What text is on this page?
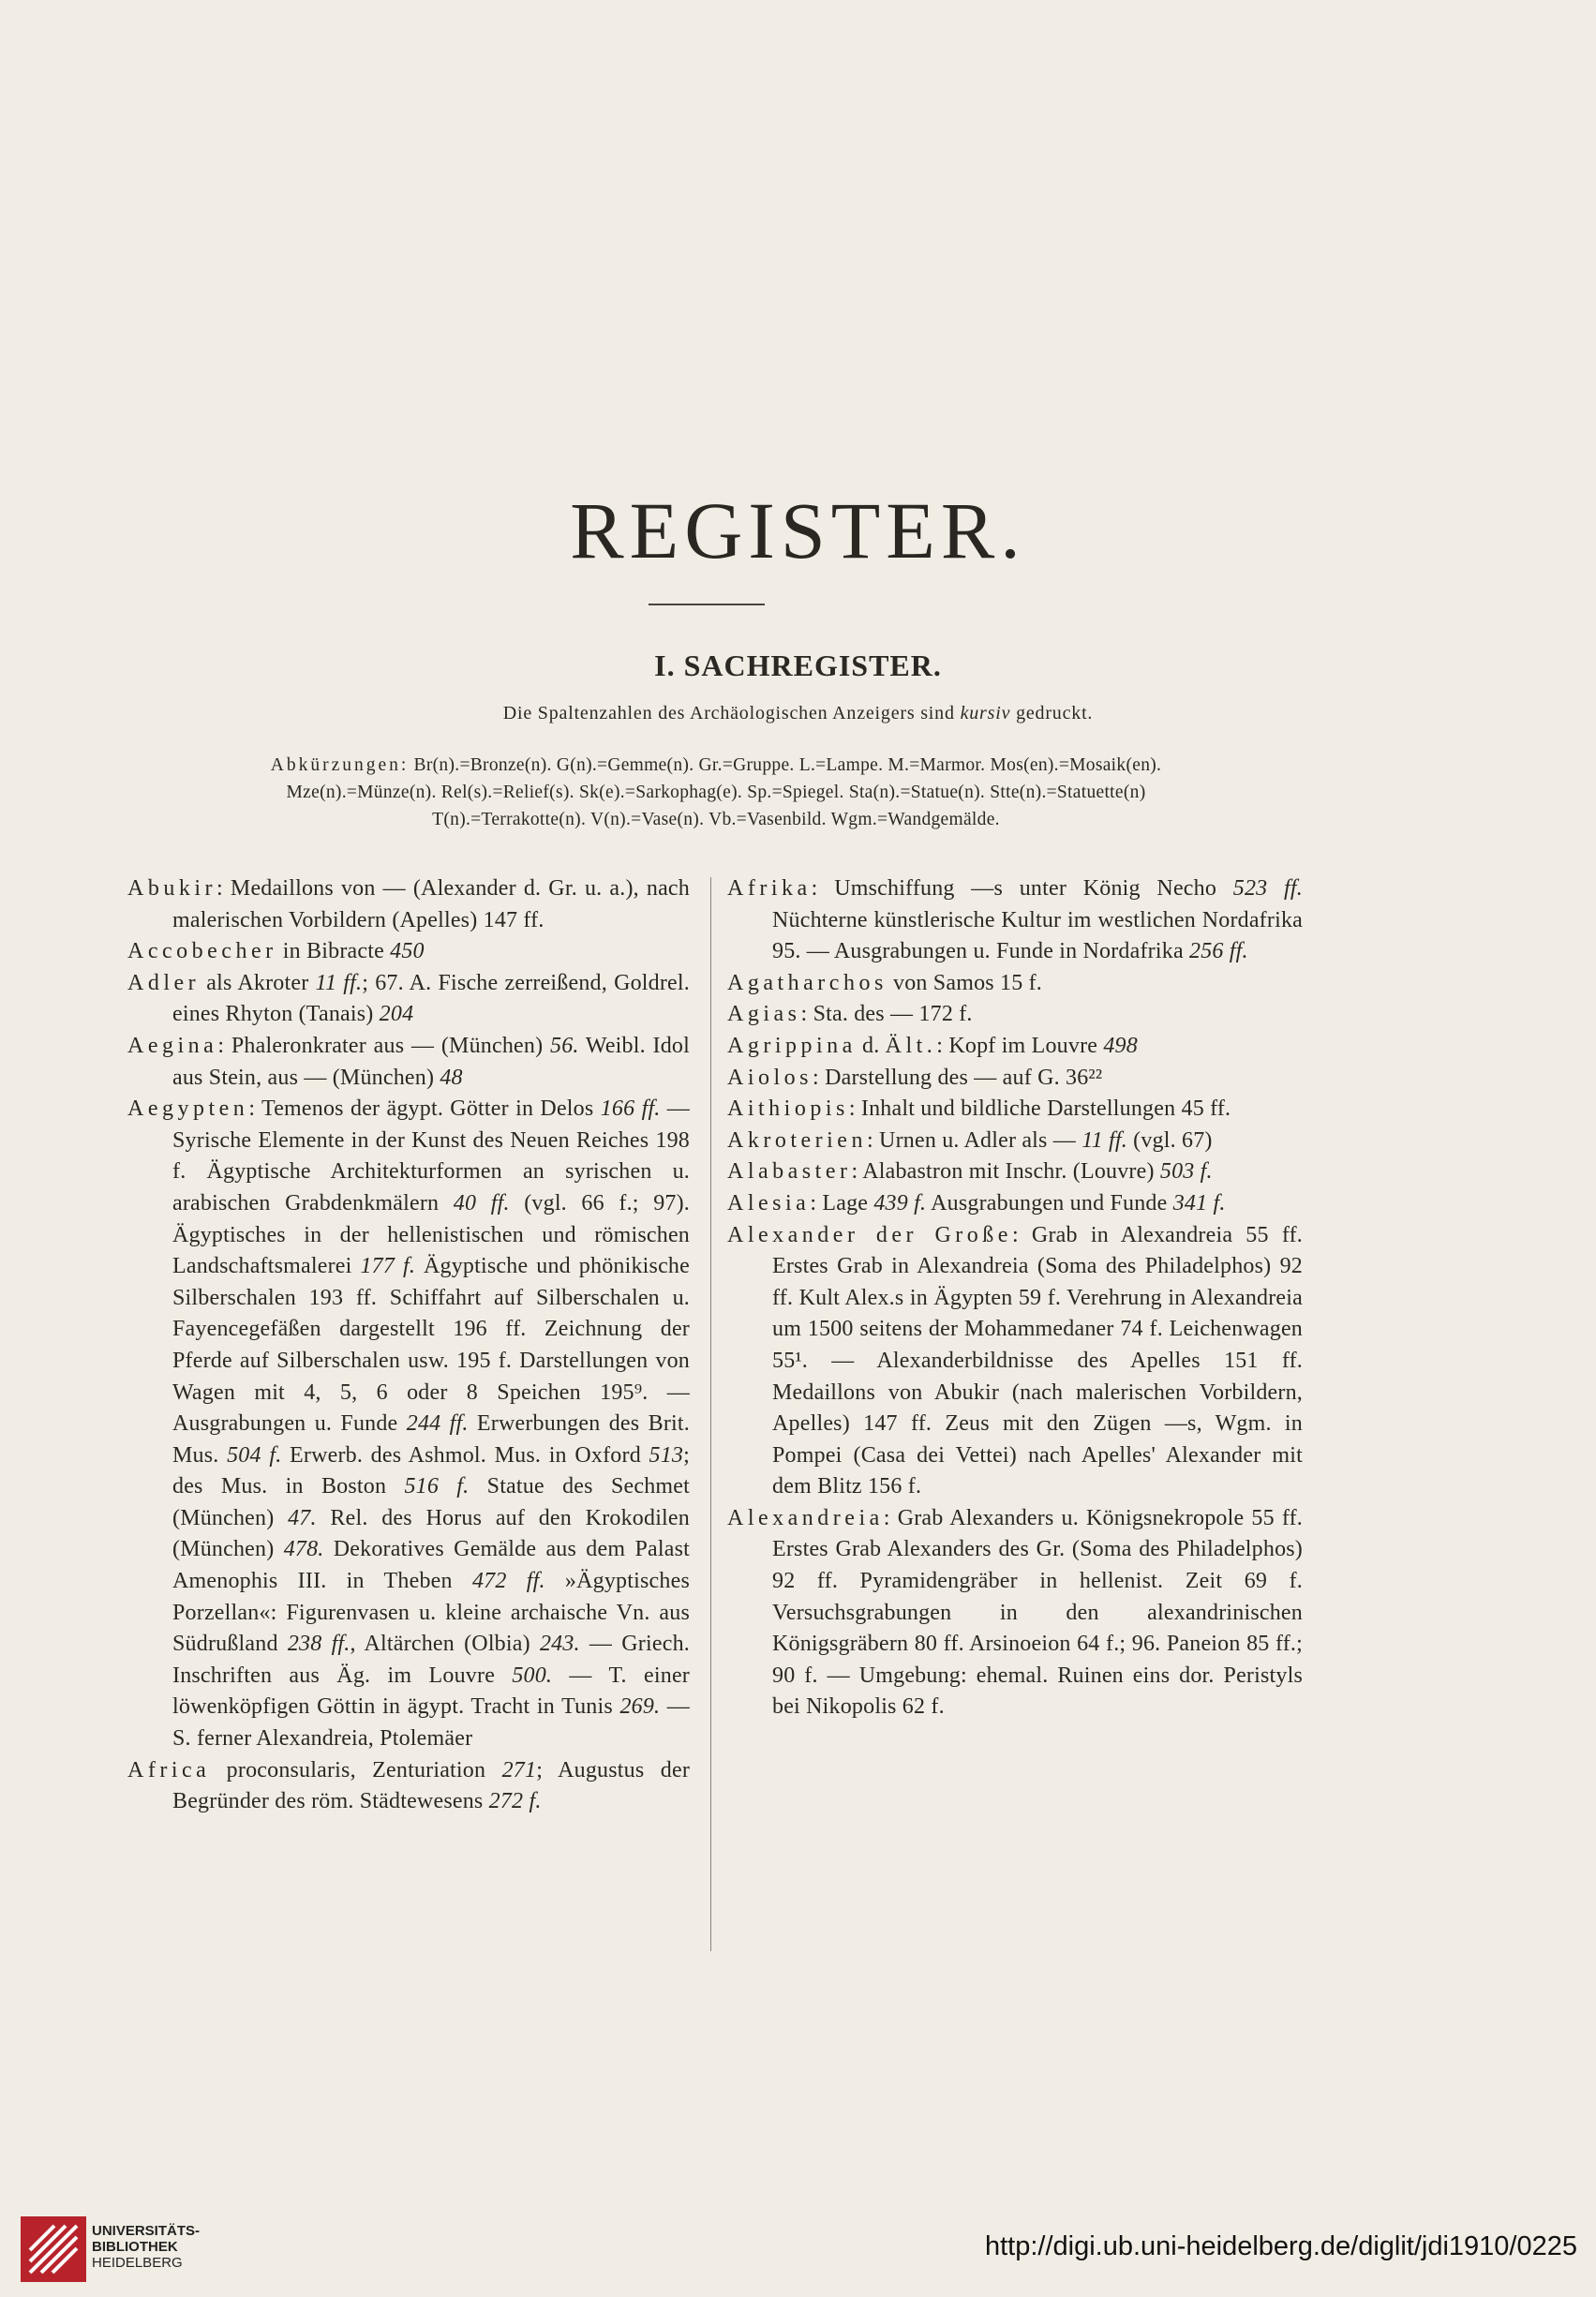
REGISTER.
I. SACHREGISTER.
Die Spaltenzahlen des Archäologischen Anzeigers sind kursiv gedruckt.
Abkürzungen: Br(n).=Bronze(n). G(n).=Gemme(n). Gr.=Gruppe. L.=Lampe. M.=Marmor. Mos(en).=Mosaik(en).
Mze(n).=Münze(n). Rel(s).=Relief(s). Sk(e).=Sarkophag(e). Sp.=Spiegel. Sta(n).=Statue(n). Stte(n).=Statuette(n)
T(n).=Terrakotte(n). V(n).=Vase(n). Vb.=Vasenbild. Wgm.=Wandgemälde.

Abukir: Medaillons von — (Alexander d. Gr. u. a.), nach malerischen Vorbildern (Apelles) 147 ff.

Accobecher in Bibracte 450

Adler als Akroter 11 ff.; 67. A. Fische zerreißend, Goldrel. eines Rhyton (Tanais) 204

Aegina: Phaleronkrater aus — (München) 56. Weibl. Idol aus Stein, aus — (München) 48

Aegypten: Temenos der ägypt. Götter in Delos 166 ff. — Syrische Elemente in der Kunst des Neuen Reiches 198 f. Ägyptische Architekturformen an syrischen u. arabischen Grabdenkmälern 40 ff. (vgl. 66 f.; 97). Ägyptisches in der hellenistischen und römischen Landschaftsmalerei 177 f. Ägyptische und phönikische Silberschalen 193 ff. Schiffahrt auf Silberschalen u. Fayencegefäßen dargestellt 196 ff. Zeichnung der Pferde auf Silberschalen usw. 195 f. Darstellungen von Wagen mit 4, 5, 6 oder 8 Speichen 195⁹. — Ausgrabungen u. Funde 244 ff. Erwerbungen des Brit. Mus. 504 f. Erwerb. des Ashmol. Mus. in Oxford 513; des Mus. in Boston 516 f. Statue des Sechmet (München) 47. Rel. des Horus auf den Krokodilen (München) 478. Dekoratives Gemälde aus dem Palast Amenophis III. in Theben 472 ff. »Ägyptisches Porzellan«: Figurenvasen u. kleine archaische Vn. aus Südrußland 238 ff., Altärchen (Olbia) 243. — Griech. Inschriften aus Äg. im Louvre 500. — T. einer löwenköpfigen Göttin in ägypt. Tracht in Tunis 269. — S. ferner Alexandreia, Ptolemäer

Africa proconsularis, Zenturiation 271; Augustus der Begründer des röm. Städtewesens 272 f.

Afrika: Umschiffung —s unter König Necho 523 ff. Nüchterne künstlerische Kultur im westlichen Nordafrika 95. — Ausgrabungen u. Funde in Nordafrika 256 ff.

Agatharchos von Samos 15 f.

Agias: Sta. des — 172 f.

Agrippina d. Ält.: Kopf im Louvre 498

Aiolos: Darstellung des — auf G. 36²²

Aithiopis: Inhalt und bildliche Darstellungen 45 ff.

Akroterien: Urnen u. Adler als — 11 ff. (vgl. 67)

Alabaster: Alabastron mit Inschr. (Louvre) 503 f.

Alesia: Lage 439 f. Ausgrabungen und Funde 341 f.

Alexander der Große: Grab in Alexandreia 55 ff. Erstes Grab in Alexandreia (Soma des Philadelphos) 92 ff. Kult Alex.s in Ägypten 59 f. Verehrung in Alexandreia um 1500 seitens der Mohammedaner 74 f. Leichenwagen 55¹. — Alexanderbildnisse des Apelles 151 ff. Medaillons von Abukir (nach malerischen Vorbildern, Apelles) 147 ff. Zeus mit den Zügen —s, Wgm. in Pompei (Casa dei Vettei) nach Apelles' Alexander mit dem Blitz 156 f.

Alexandreia: Grab Alexanders u. Königsnekropole 55 ff. Erstes Grab Alexanders des Gr. (Soma des Philadelphos) 92 ff. Pyramidengräber in hellenist. Zeit 69 f. Versuchsgrabungen in den alexandrinischen Königsgräbern 80 ff. Arsinoeion 64 f.; 96. Paneion 85 ff.; 90 f. — Umgebung: ehemal. Ruinen eins dor. Peristyls bei Nikopolis 62 f.

UNIVERSITÄTS-
BIBLIOTHEK
HEIDELBERG
http://digi.ub.uni-heidelberg.de/diglit/jdi1910/0225
